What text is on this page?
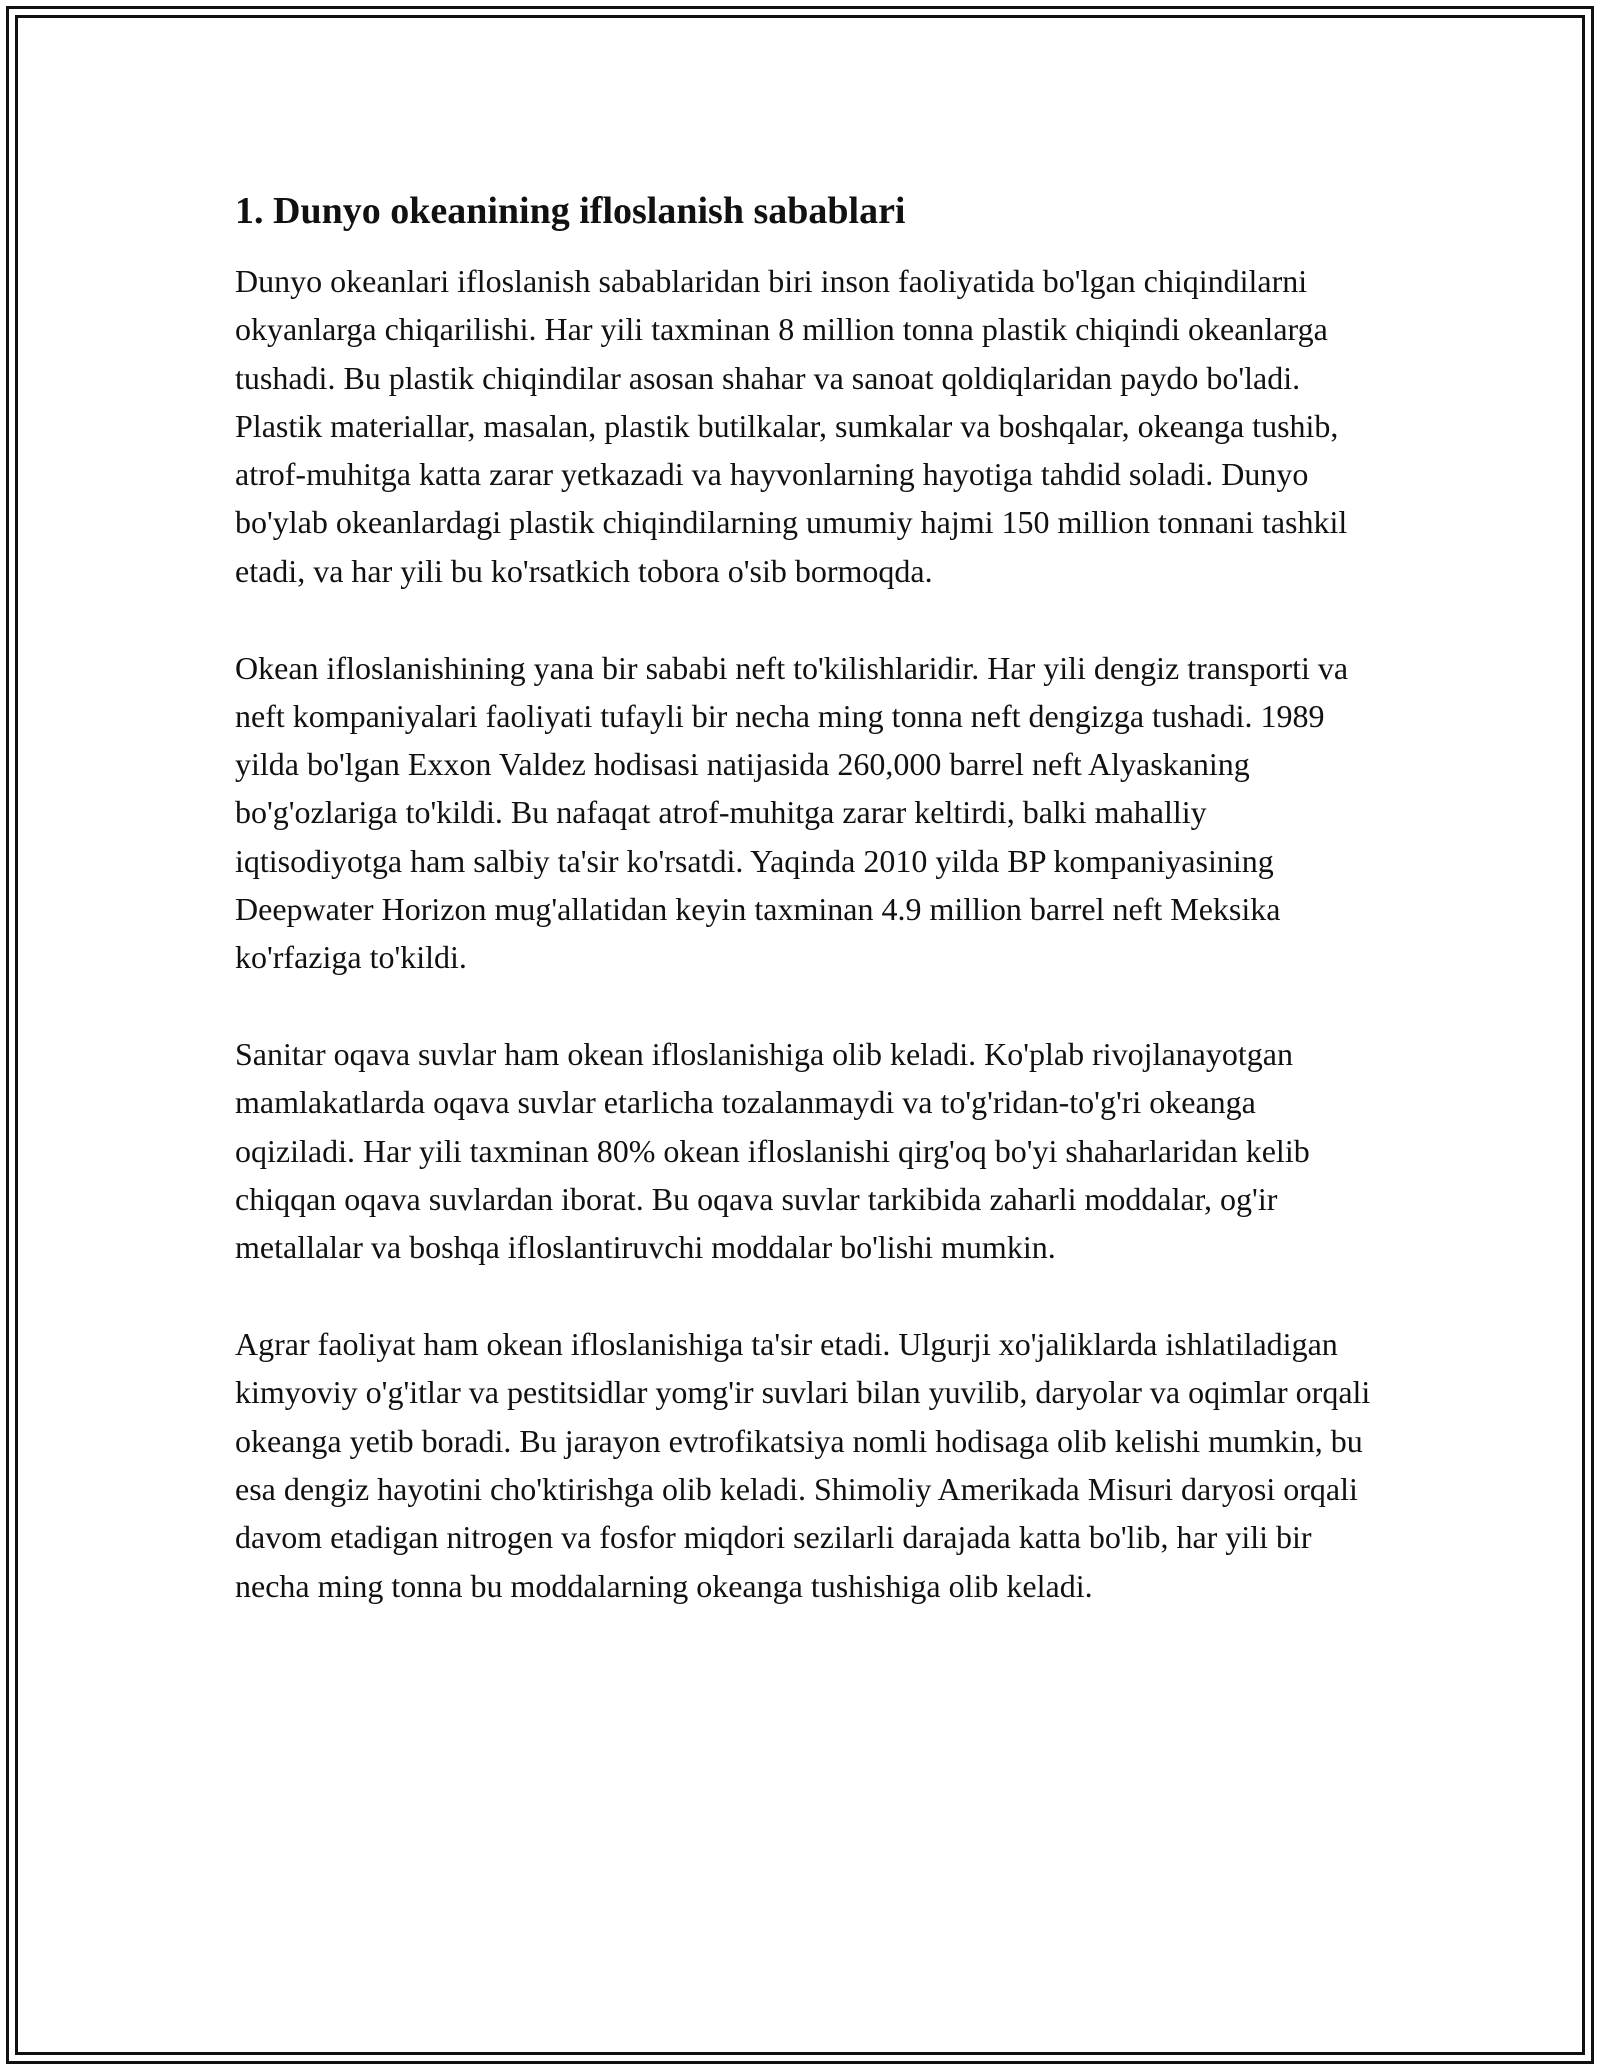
1. Dunyo okeanining ifloslanish sabablari

Dunyo okeanlari ifloslanish sabablaridan biri inson faoliyatida bo'lgan chiqindilarni okyanlarga chiqarilishi. Har yili taxminan 8 million tonna plastik chiqindi okeanlarga tushadi. Bu plastik chiqindilar asosan shahar va sanoat qoldiqlaridan paydo bo'ladi. Plastik materiallar, masalan, plastik butilkalar, sumkalar va boshqalar, okeanga tushib, atrof-muhitga katta zarar yetkazadi va hayvonlarning hayotiga tahdid soladi. Dunyo bo'ylab okeanlardagi plastik chiqindilarning umumiy hajmi 150 million tonnani tashkil etadi, va har yili bu ko'rsatkich tobora o'sib bormoqda.

Okean ifloslanishining yana bir sababi neft to'kilishlaridir. Har yili dengiz transporti va neft kompaniyalari faoliyati tufayli bir necha ming tonna neft dengizga tushadi. 1989 yilda bo'lgan Exxon Valdez hodisasi natijasida 260,000 barrel neft Alyaskaning bo'g'ozlariga to'kildi. Bu nafaqat atrof-muhitga zarar keltirdi, balki mahalliy iqtisodiyotga ham salbiy ta'sir ko'rsatdi. Yaqinda 2010 yilda BP kompaniyasining Deepwater Horizon mug'allatidan keyin taxminan 4.9 million barrel neft Meksika ko'rfaziga to'kildi.

Sanitar oqava suvlar ham okean ifloslanishiga olib keladi. Ko'plab rivojlanayotgan mamlakatlarda oqava suvlar etarlicha tozalanmaydi va to'g'ridan-to'g'ri okeanga oqiziladi. Har yili taxminan 80% okean ifloslanishi qirg'oq bo'yi shaharlaridan kelib chiqqan oqava suvlardan iborat. Bu oqava suvlar tarkibida zaharli moddalar, og'ir metallalar va boshqa ifloslantiruvchi moddalar bo'lishi mumkin.

Agrar faoliyat ham okean ifloslanishiga ta'sir etadi. Ulgurji xo'jaliklarda ishlatiladigan kimyoviy o'g'itlar va pestitsidlar yomg'ir suvlari bilan yuvilib, daryolar va oqimlar orqali okeanga yetib boradi. Bu jarayon evtrofikatsiya nomli hodisaga olib kelishi mumkin, bu esa dengiz hayotini cho'ktirishga olib keladi. Shimoliy Amerikada Misuri daryosi orqali davom etadigan nitrogen va fosfor miqdori sezilarli darajada katta bo'lib, har yili bir necha ming tonna bu moddalarning okeanga tushishiga olib keladi.
